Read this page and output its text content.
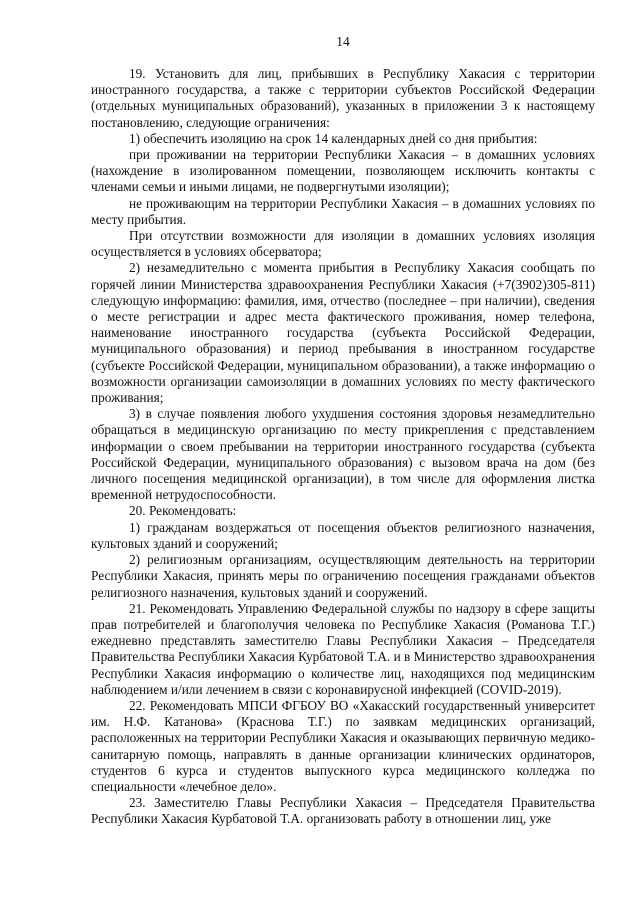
14

19. Установить для лиц, прибывших в Республику Хакасия с территории иностранного государства, а также с территории субъектов Российской Федерации (отдельных муниципальных образований), указанных в приложении 3 к настоящему постановлению, следующие ограничения:

1) обеспечить изоляцию на срок 14 календарных дней со дня прибытия:

при проживании на территории Республики Хакасия – в домашних условиях (нахождение в изолированном помещении, позволяющем исключить контакты с членами семьи и иными лицами, не подвергнутыми изоляции);

не проживающим на территории Республики Хакасия – в домашних условиях по месту прибытия.

При отсутствии возможности для изоляции в домашних условиях изоляция осуществляется в условиях обсерватора;

2) незамедлительно с момента прибытия в Республику Хакасия сообщать по горячей линии Министерства здравоохранения Республики Хакасия (+7(3902)305-811) следующую информацию: фамилия, имя, отчество (последнее – при наличии), сведения о месте регистрации и адрес места фактического проживания, номер телефона, наименование иностранного государства (субъекта Российской Федерации, муниципального образования) и период пребывания в иностранном государстве (субъекте Российской Федерации, муниципальном образовании), а также информацию о возможности организации самоизоляции в домашних условиях по месту фактического проживания;

3) в случае появления любого ухудшения состояния здоровья незамедлительно обращаться в медицинскую организацию по месту прикрепления с представлением информации о своем пребывании на территории иностранного государства (субъекта Российской Федерации, муниципального образования) с вызовом врача на дом (без личного посещения медицинской организации), в том числе для оформления листка временной нетрудоспособности.

20. Рекомендовать:

1) гражданам воздержаться от посещения объектов религиозного назначения, культовых зданий и сооружений;

2) религиозным организациям, осуществляющим деятельность на территории Республики Хакасия, принять меры по ограничению посещения гражданами объектов религиозного назначения, культовых зданий и сооружений.

21. Рекомендовать Управлению Федеральной службы по надзору в сфере защиты прав потребителей и благополучия человека по Республике Хакасия (Романова Т.Г.) ежедневно представлять заместителю Главы Республики Хакасия – Председателя Правительства Республики Хакасия Курбатовой Т.А. и в Министерство здравоохранения Республики Хакасия информацию о количестве лиц, находящихся под медицинским наблюдением и/или лечением в связи с коронавирусной инфекцией (COVID-2019).

22. Рекомендовать МПСИ ФГБОУ ВО «Хакасский государственный университет им. Н.Ф. Катанова» (Краснова Т.Г.) по заявкам медицинских организаций, расположенных на территории Республики Хакасия и оказывающих первичную медико-санитарную помощь, направлять в данные организации клинических ординаторов, студентов 6 курса и студентов выпускного курса медицинского колледжа по специальности «лечебное дело».

23. Заместителю Главы Республики Хакасия – Председателя Правительства Республики Хакасия Курбатовой Т.А. организовать работу в отношении лиц, уже
